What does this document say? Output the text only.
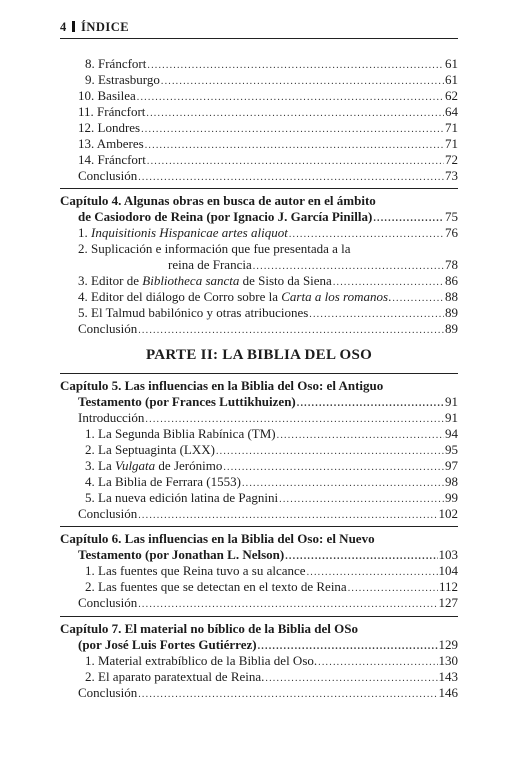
4 ÍNDICE
8. Fráncfort .....	61
9. Estrasburgo .....	61
10. Basilea .....	62
11. Fráncfort .....	64
12. Londres .....	71
13. Amberes .....	71
14. Fráncfort .....	72
Conclusión .....	73
Capítulo 4. Algunas obras en busca de autor en el ámbito
de Casiodoro de Reina (por Ignacio J. García Pinilla) .....	75
1. Inquisitionis Hispanicae artes aliquot .....	76
2. Suplicación e información que fue presentada a la
reina de Francia .....	78
3. Editor de Bibliotheca sancta de Sisto da Siena .....	86
4. Editor del diálogo de Corro sobre la Carta a los romanos. .....	88
5. El Talmud babilónico y otras atribuciones .....	89
Conclusión .....	89
PARTE II: LA BIBLIA DEL OSO
Capítulo 5. Las influencias en la Biblia del Oso: el Antiguo
Testamento (por Frances Luttikhuizen) .....	91
Introducción .....	91
1. La Segunda Biblia Rabínica (TM) .....	94
2. La Septuaginta (LXX) .....	95
3. La Vulgata de Jerónimo .....	97
4. La Biblia de Ferrara (1553) .....	98
5. La nueva edición latina de Pagnini .....	99
Conclusión .....	102
Capítulo 6. Las influencias en la Biblia del Oso: el Nuevo
Testamento (por Jonathan L. Nelson) .....	103
1. Las fuentes que Reina tuvo a su alcance .....	104
2. Las fuentes que se detectan en el texto de Reina .....	112
Conclusión .....	127
Capítulo 7. El material no bíblico de la Biblia del OSo
(por José Luis Fortes Gutiérrez) .....	129
1. Material extrabíblico de la Biblia del Oso. .....	130
2. El aparato paratextual de Reina. .....	143
Conclusión .....	146
